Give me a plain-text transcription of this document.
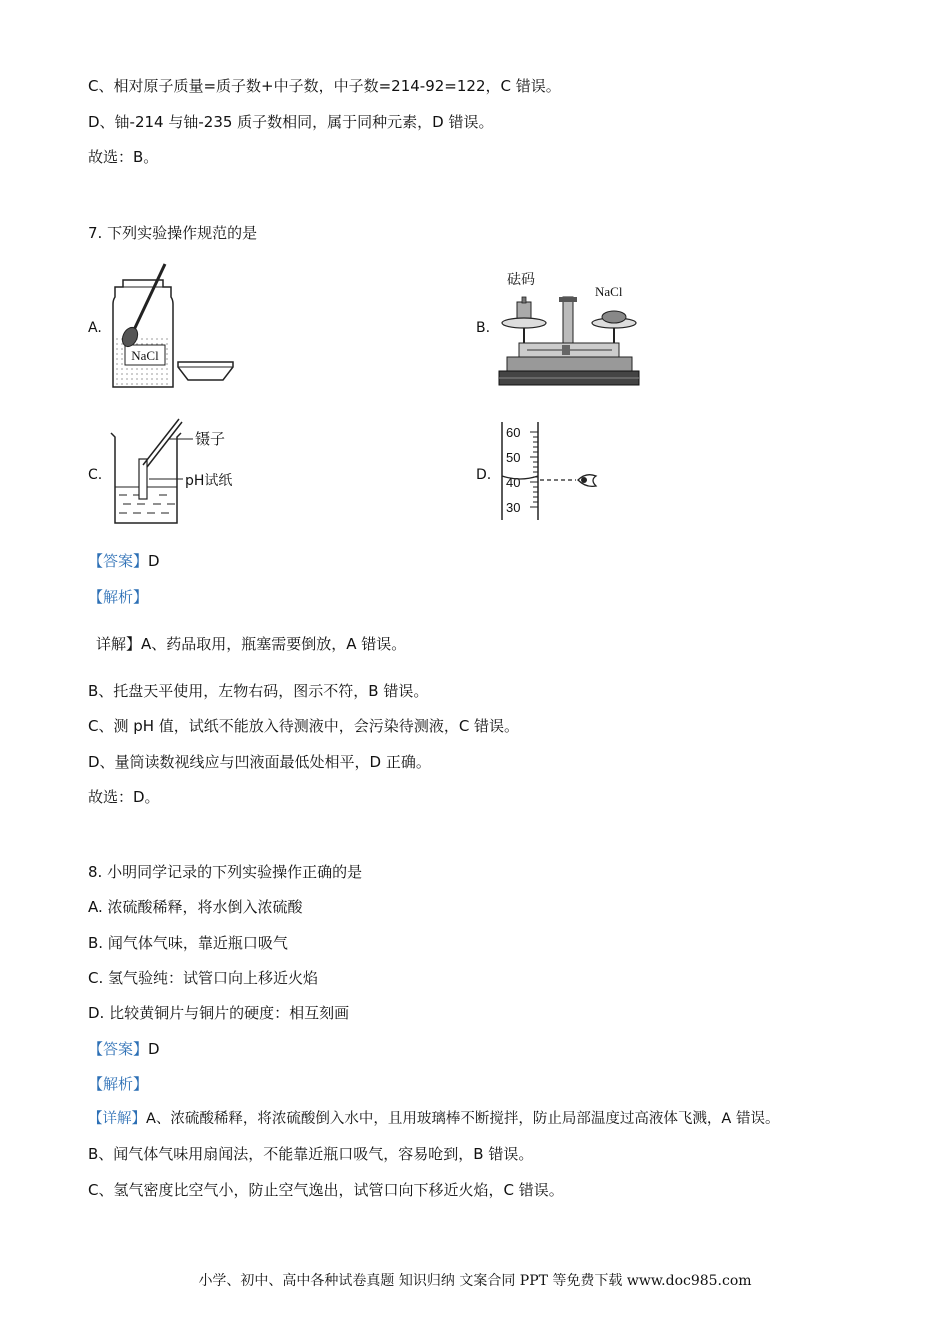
C、相对原子质量=质子数+中子数，中子数=214-92=122，C 错误。
D、铀-214 与铀-235 质子数相同，属于同种元素，D 错误。
故选：B。
7. 下列实验操作规范的是
A.
NaCl
B.
砝码
NaCl
C.
镊子
pH试纸	D.
60
50
40
30
【答案】D
【解析】
详解】A、药品取用，瓶塞需要倒放，A 错误。
B、托盘天平使用，左物右码，图示不符，B 错误。
C、测 pH 值，试纸不能放入待测液中，会污染待测液，C 错误。
D、量筒读数视线应与凹液面最低处相平，D 正确。
故选：D。
8. 小明同学记录的下列实验操作正确的是
A. 浓硫酸稀释，将水倒入浓硫酸
B. 闻气体气味，靠近瓶口吸气
C. 氢气验纯：试管口向上移近火焰
D. 比较黄铜片与铜片的硬度：相互刻画
【答案】D
【解析】
【详解】A、浓硫酸稀释，将浓硫酸倒入水中，且用玻璃棒不断搅拌，防止局部温度过高液体飞溅，A 错误。
B、闻气体气味用扇闻法，不能靠近瓶口吸气，容易呛到，B 错误。
C、氢气密度比空气小，防止空气逸出，试管口向下移近火焰，C 错误。
小学、初中、高中各种试卷真题 知识归纳 文案合同 PPT 等免费下载 www.doc985.com
